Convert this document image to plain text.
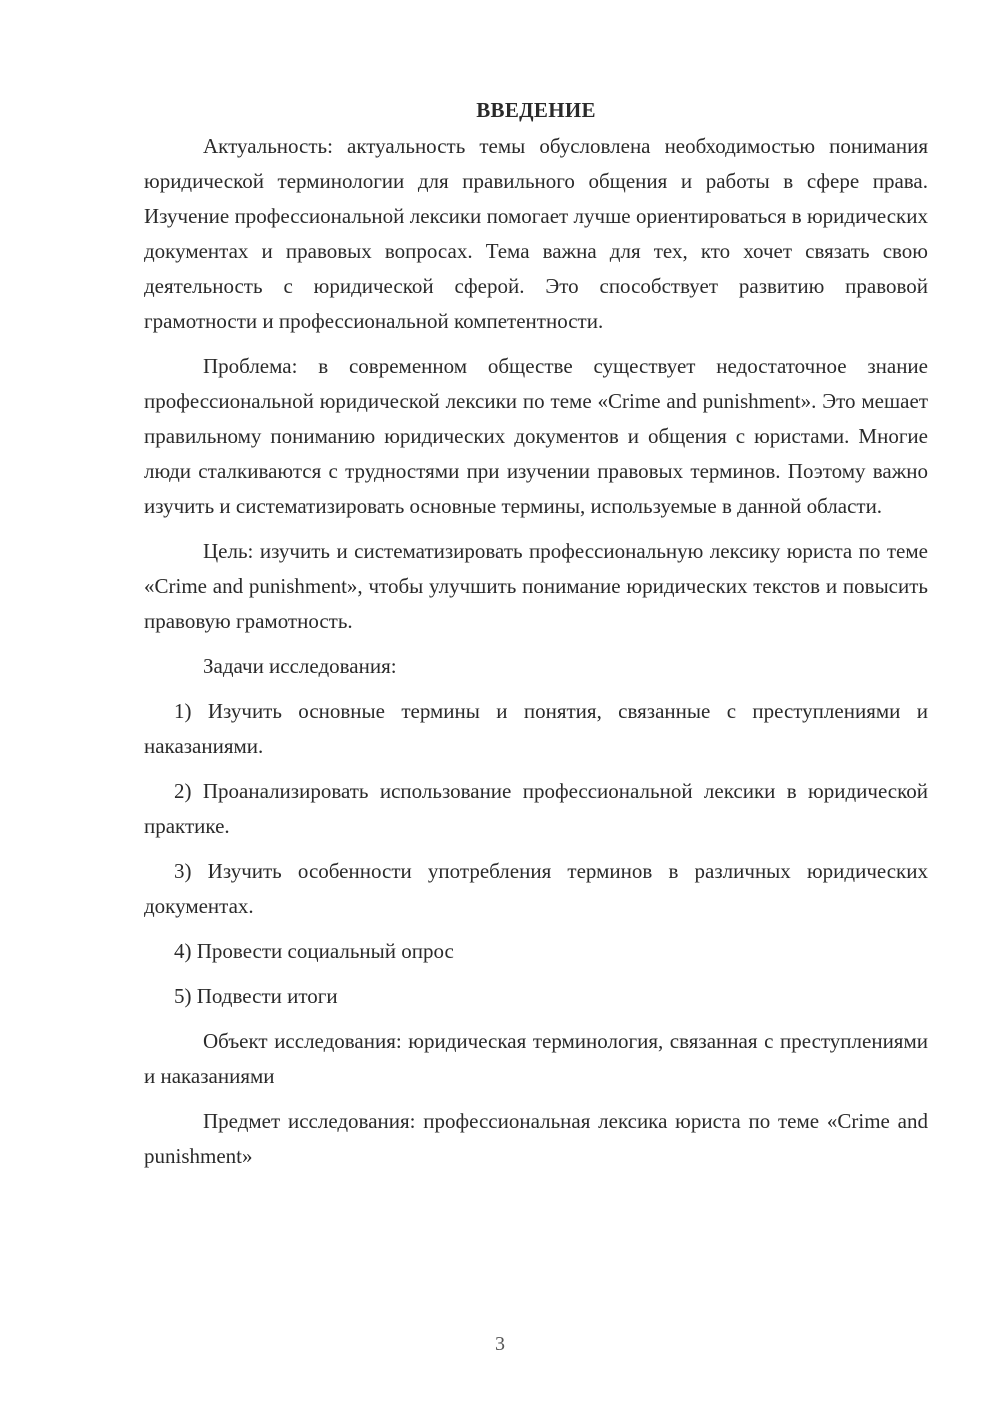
ВВЕДЕНИЕ

Актуальность: актуальность темы обусловлена необходимостью понимания юридической терминологии для правильного общения и работы в сфере права. Изучение профессиональной лексики помогает лучше ориентироваться в юридических документах и правовых вопросах. Тема важна для тех, кто хочет связать свою деятельность с юридической сферой. Это способствует развитию правовой грамотности и профессиональной компетентности.

Проблема: в современном обществе существует недостаточное знание профессиональной юридической лексики по теме «Crime and punishment». Это мешает правильному пониманию юридических документов и общения с юристами. Многие люди сталкиваются с трудностями при изучении правовых терминов. Поэтому важно изучить и систематизировать основные термины, используемые в данной области.

Цель: изучить и систематизировать профессиональную лексику юриста по теме «Crime and punishment», чтобы улучшить понимание юридических текстов и повысить правовую грамотность.

Задачи исследования:

1) Изучить основные термины и понятия, связанные с преступлениями и наказаниями.

2) Проанализировать использование профессиональной лексики в юридической практике.

3) Изучить особенности употребления терминов в различных юридических документах.

4) Провести социальный опрос

5) Подвести итоги

Объект исследования: юридическая терминология, связанная с преступлениями и наказаниями

Предмет исследования: профессиональная лексика юриста по теме «Crime and punishment»

3
